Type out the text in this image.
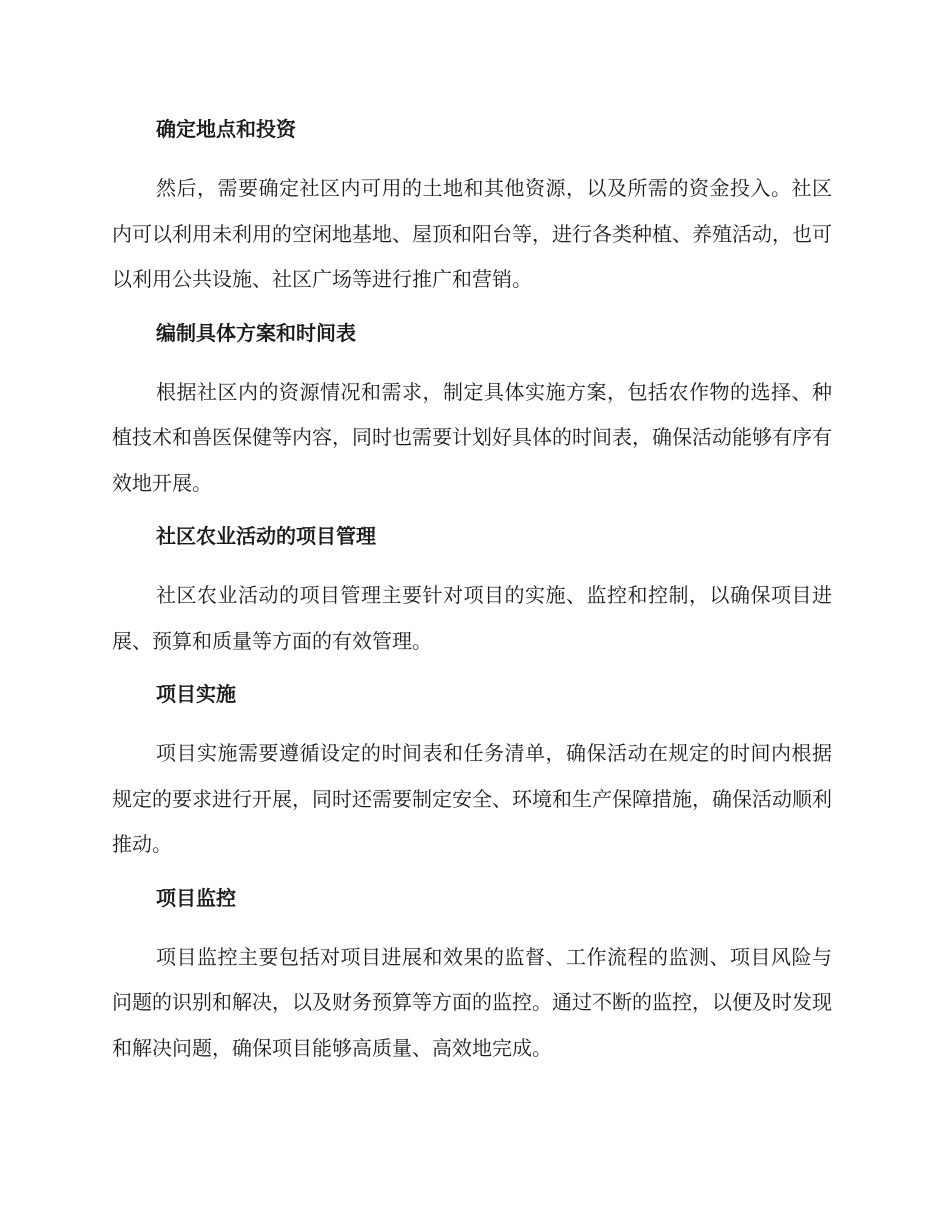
确定地点和投资

然后，需要确定社区内可用的土地和其他资源，以及所需的资金投入。社区内可以利用未利用的空闲地基地、屋顶和阳台等，进行各类种植、养殖活动，也可以利用公共设施、社区广场等进行推广和营销。

编制具体方案和时间表

根据社区内的资源情况和需求，制定具体实施方案，包括农作物的选择、种植技术和兽医保健等内容，同时也需要计划好具体的时间表，确保活动能够有序有效地开展。

社区农业活动的项目管理

社区农业活动的项目管理主要针对项目的实施、监控和控制，以确保项目进展、预算和质量等方面的有效管理。

项目实施

项目实施需要遵循设定的时间表和任务清单，确保活动在规定的时间内根据规定的要求进行开展，同时还需要制定安全、环境和生产保障措施，确保活动顺利推动。

项目监控

项目监控主要包括对项目进展和效果的监督、工作流程的监测、项目风险与问题的识别和解决，以及财务预算等方面的监控。通过不断的监控，以便及时发现和解决问题，确保项目能够高质量、高效地完成。
